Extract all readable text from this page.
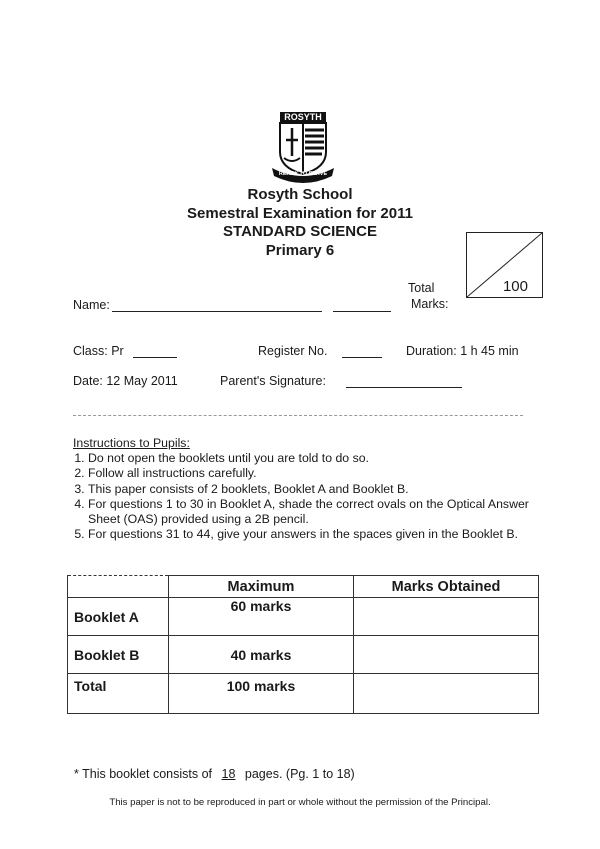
ROSYTH
READY TO SERVE
Rosyth School
Semestral Examination for 2011
STANDARD SCIENCE
Primary 6
Total
Marks:
100
Name:
Class: Pr	Register No.	Duration: 1 h 45 min
Date: 12 May 2011	Parent's Signature:
Instructions to Pupils:
1. Do not open the booklets until you are told to do so.
2. Follow all instructions carefully.
3. This paper consists of 2 booklets, Booklet A and Booklet B.
4. For questions 1 to 30 in Booklet A, shade the correct ovals on the Optical Answer Sheet (OAS) provided using a 2B pencil.
5. For questions 31 to 44, give your answers in the spaces given in the Booklet B.
	Maximum	Marks Obtained
Booklet A	60 marks	
Booklet B	40 marks	
Total	100 marks	
* This booklet consists of 18 pages. (Pg. 1 to 18)
This paper is not to be reproduced in part or whole without the permission of the Principal.
